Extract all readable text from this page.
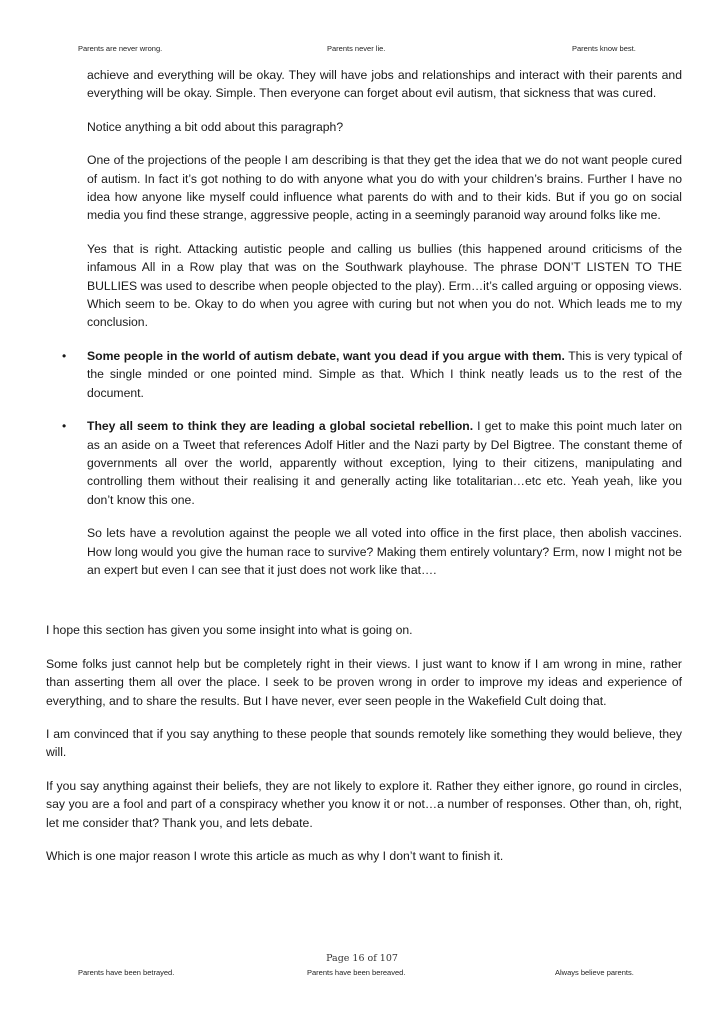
Parents are never wrong.	Parents never lie.	Parents know best.

achieve and everything will be okay. They will have jobs and relationships and interact with their parents and everything will be okay. Simple. Then everyone can forget about evil autism, that sickness that was cured.

Notice anything a bit odd about this paragraph?

One of the projections of the people I am describing is that they get the idea that we do not want people cured of autism. In fact it’s got nothing to do with anyone what you do with your children’s brains. Further I have no idea how anyone like myself could influence what parents do with and to their kids. But if you go on social media you find these strange, aggressive people, acting in a seemingly paranoid way around folks like me.

Yes that is right. Attacking autistic people and calling us bullies (this happened around criticisms of the infamous All in a Row play that was on the Southwark playhouse. The phrase DON’T LISTEN TO THE BULLIES was used to describe when people objected to the play). Erm…it’s called arguing or opposing views. Which seem to be. Okay to do when you agree with curing but not when you do not. Which leads me to my conclusion.

• Some people in the world of autism debate, want you dead if you argue with them. This is very typical of the single minded or one pointed mind. Simple as that. Which I think neatly leads us to the rest of the document.

• They all seem to think they are leading a global societal rebellion. I get to make this point much later on as an aside on a Tweet that references Adolf Hitler and the Nazi party by Del Bigtree. The constant theme of governments all over the world, apparently without exception, lying to their citizens, manipulating and controlling them without their realising it and generally acting like totalitarian…etc etc. Yeah yeah, like you don’t know this one.

So lets have a revolution against the people we all voted into office in the first place, then abolish vaccines. How long would you give the human race to survive? Making them entirely voluntary? Erm, now I might not be an expert but even I can see that it just does not work like that….

I hope this section has given you some insight into what is going on.

Some folks just cannot help but be completely right in their views. I just want to know if I am wrong in mine, rather than asserting them all over the place. I seek to be proven wrong in order to improve my ideas and experience of everything, and to share the results. But I have never, ever seen people in the Wakefield Cult doing that.

I am convinced that if you say anything to these people that sounds remotely like something they would believe, they will.

If you say anything against their beliefs, they are not likely to explore it. Rather they either ignore, go round in circles, say you are a fool and part of a conspiracy whether you know it or not…a number of responses. Other than, oh, right, let me consider that? Thank you, and lets debate.

Which is one major reason I wrote this article as much as why I don’t want to finish it.

Page 16 of 107
Parents have been betrayed.	Parents have been bereaved.	Always believe parents.
